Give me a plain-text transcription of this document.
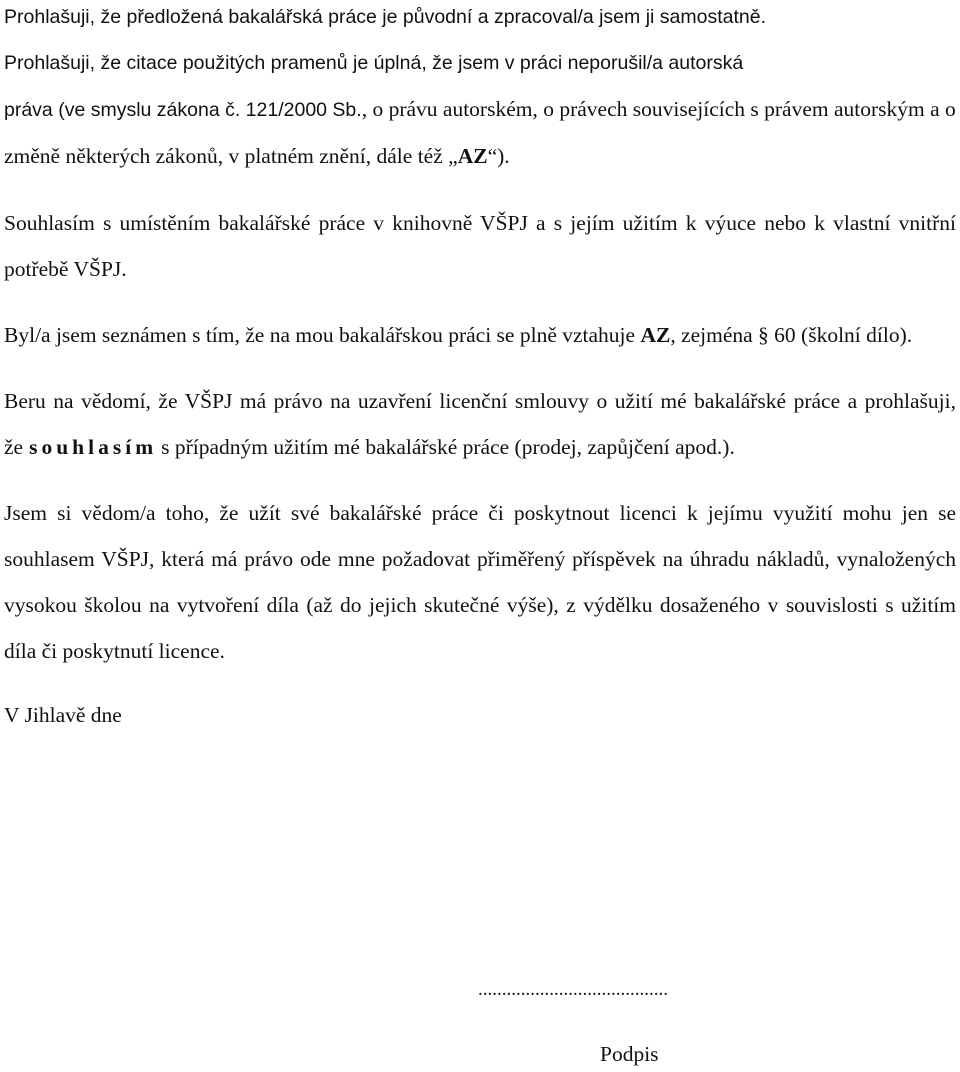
Prohlašuji, že předložená bakalářská práce je původní a zpracoval/a jsem ji samostatně.
Prohlašuji, že citace použitých pramenů je úplná, že jsem v práci neporušil/a autorská
práva (ve smyslu zákona č. 121/2000 Sb., o právu autorském, o právech souvisejících s právem autorským a o změně některých zákonů, v platném znění, dále též „AZ“).

Souhlasím s umístěním bakalářské práce v knihovně VŠPJ a s jejím užitím k výuce nebo k vlastní vnitřní potřebě VŠPJ.

Byl/a jsem seznámen s tím, že na mou bakalářskou práci se plně vztahuje AZ, zejména § 60 (školní dílo).

Beru na vědomí, že VŠPJ má právo na uzavření licenční smlouvy o užití mé bakalářské práce a prohlašuji, že souhlasím s případným užitím mé bakalářské práce (prodej, zapůjčení apod.).

Jsem si vědom/a toho, že užít své bakalářské práce či poskytnout licenci k jejímu využití mohu jen se souhlasem VŠPJ, která má právo ode mne požadovat přiměřený příspěvek na úhradu nákladů, vynaložených vysokou školou na vytvoření díla (až do jejich skutečné výše), z výdělku dosaženého v souvislosti s užitím díla či poskytnutí licence.

V Jihlavě dne

........................................
Podpis
